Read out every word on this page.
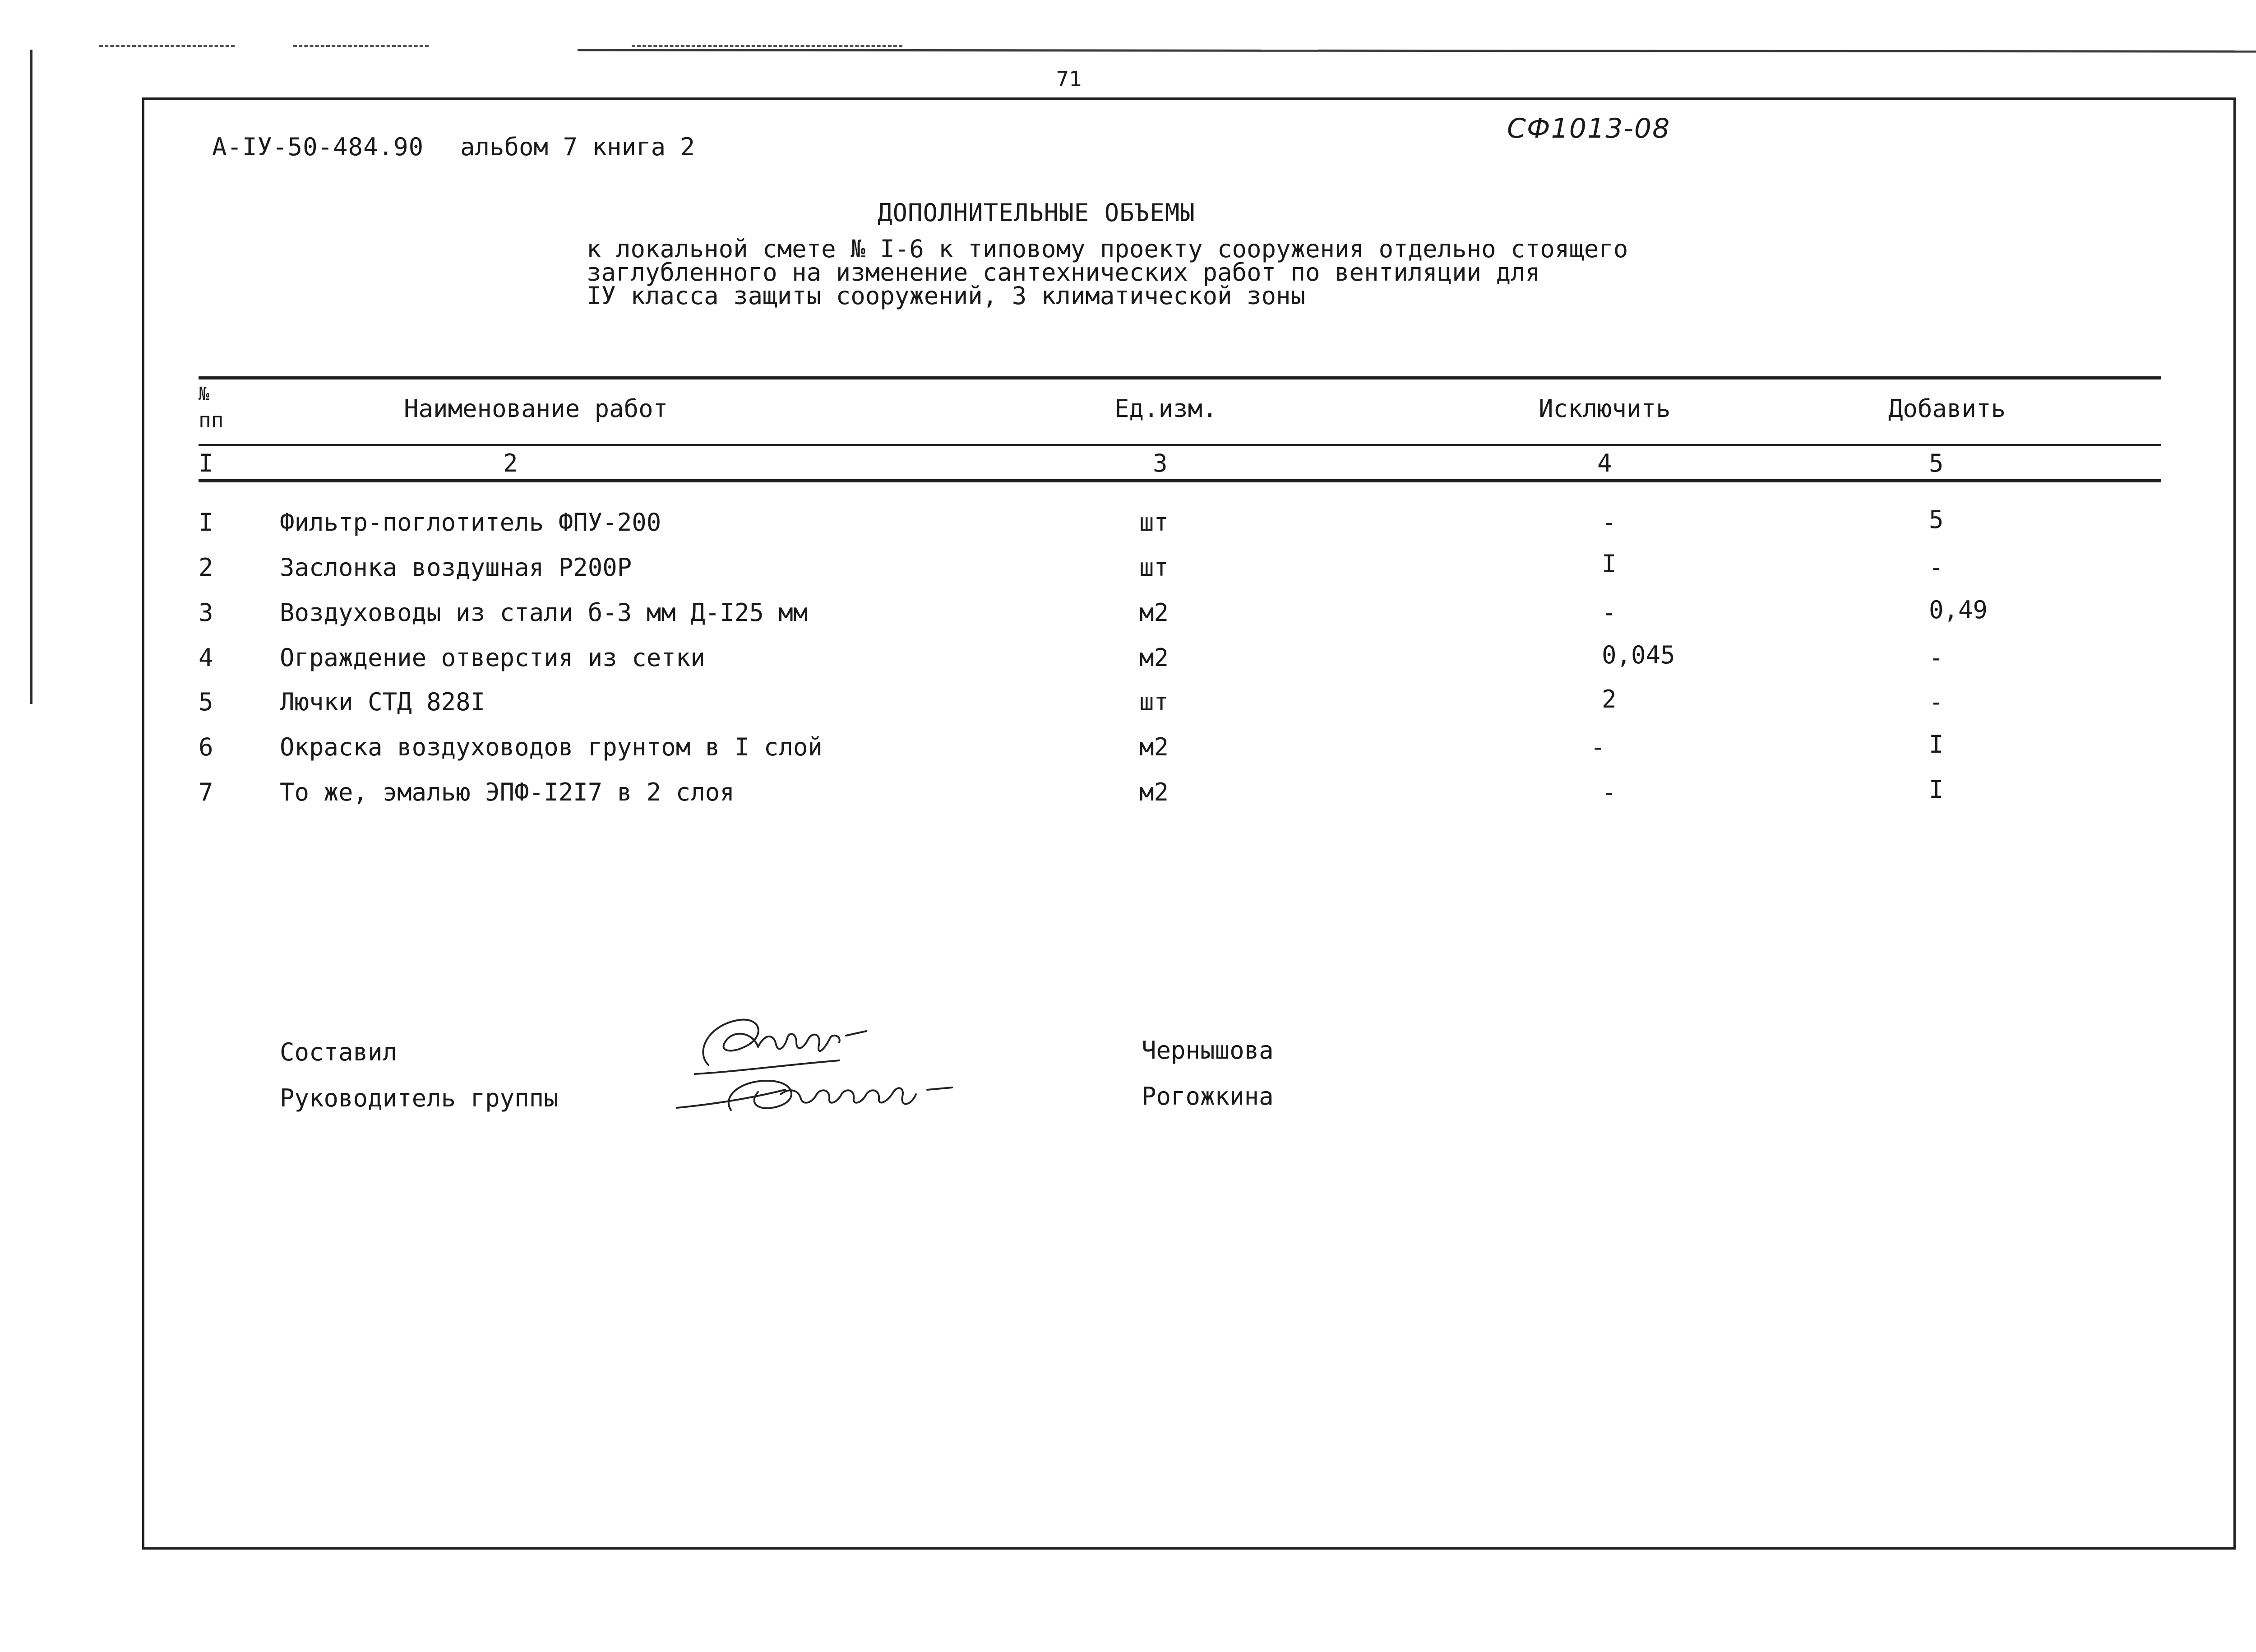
71
А-IУ-50-484.90 альбом 7 книга 2
СФ1013-08
ДОПОЛНИТЕЛЬНЫЕ ОБЪЕМЫ
к локальной смете № I-6 к типовому проекту сооружения отдельно стоящего
заглубленного на изменение сантехнических работ по вентиляции для
IУ класса защиты сооружений, 3 климатической зоны
№
пп	Наименование работ	Ед.изм.	Исключить	Добавить
I	2	3	4	5
I	Фильтр-поглотитель ФПУ-200	шт	-	5
2	Заслонка воздушная Р200Р	шт	I	-
3	Воздуховоды из стали б-3 мм Д-I25 мм	м2	-	0,49
4	Ограждение отверстия из сетки	м2	0,045	-
5	Лючки СТД 828I	шт	2	-
6	Окраска воздуховодов грунтом в I слой	м2	-	I
7	То же, эмалью ЭПФ-I2I7 в 2 слоя	м2	-	I
Составил
Руководитель группы
Чернышова
Рогожкина
